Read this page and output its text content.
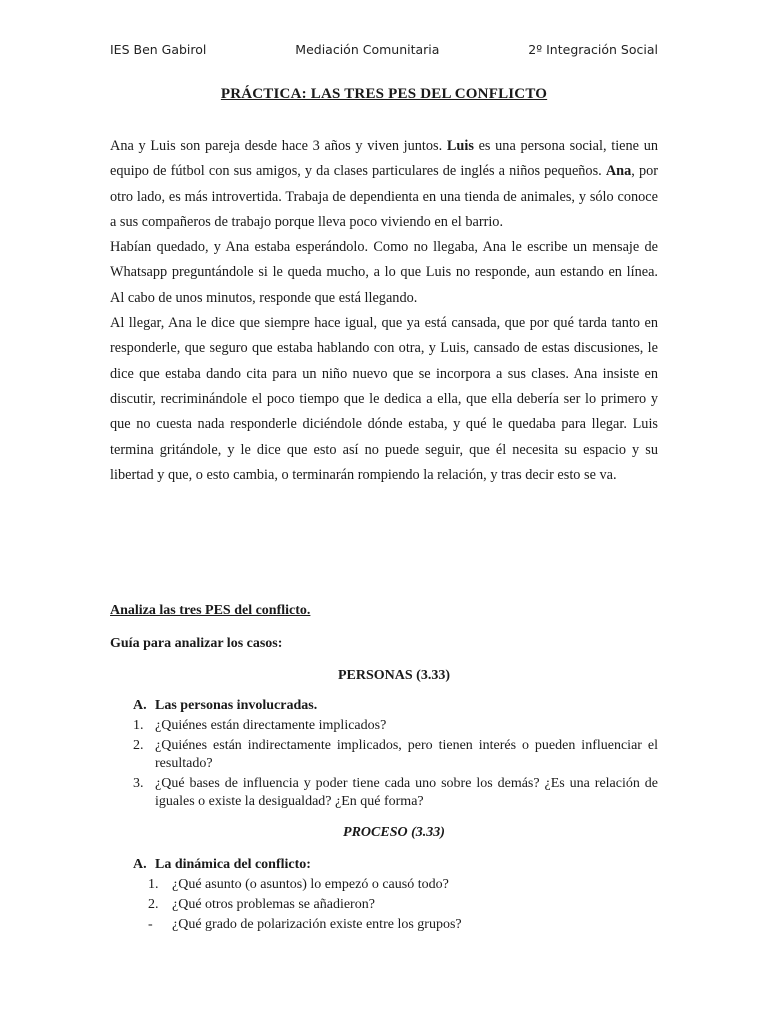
IES Ben Gabirol	Mediación Comunitaria	2º Integración Social
PRÁCTICA: LAS TRES PES DEL CONFLICTO

Ana y Luis son pareja desde hace 3 años y viven juntos. Luis es una persona social, tiene un equipo de fútbol con sus amigos, y da clases particulares de inglés a niños pequeños. Ana, por otro lado, es más introvertida. Trabaja de dependienta en una tienda de animales, y sólo conoce a sus compañeros de trabajo porque lleva poco viviendo en el barrio.

Habían quedado, y Ana estaba esperándolo. Como no llegaba, Ana le escribe un mensaje de Whatsapp preguntándole si le queda mucho, a lo que Luis no responde, aun estando en línea. Al cabo de unos minutos, responde que está llegando.

Al llegar, Ana le dice que siempre hace igual, que ya está cansada, que por qué tarda tanto en responderle, que seguro que estaba hablando con otra, y Luis, cansado de estas discusiones, le dice que estaba dando cita para un niño nuevo que se incorpora a sus clases. Ana insiste en discutir, recriminándole el poco tiempo que le dedica a ella, que ella debería ser lo primero y que no cuesta nada responderle diciéndole dónde estaba, y qué le quedaba para llegar. Luis termina gritándole, y le dice que esto así no puede seguir, que él necesita su espacio y su libertad y que, o esto cambia, o terminarán rompiendo la relación, y tras decir esto se va.

Analiza las tres PES del conflicto.
Guía para analizar los casos:
PERSONAS (3.33)
A. Las personas involucradas.
1. ¿Quiénes están directamente implicados?
2. ¿Quiénes están indirectamente implicados, pero tienen interés o pueden influenciar el resultado?
3. ¿Qué bases de influencia y poder tiene cada uno sobre los demás? ¿Es una relación de iguales o existe la desigualdad? ¿En qué forma?
PROCESO (3.33)
A. La dinámica del conflicto:
1. ¿Qué asunto (o asuntos) lo empezó o causó todo?
2. ¿Qué otros problemas se añadieron?
-	¿Qué grado de polarización existe entre los grupos?
